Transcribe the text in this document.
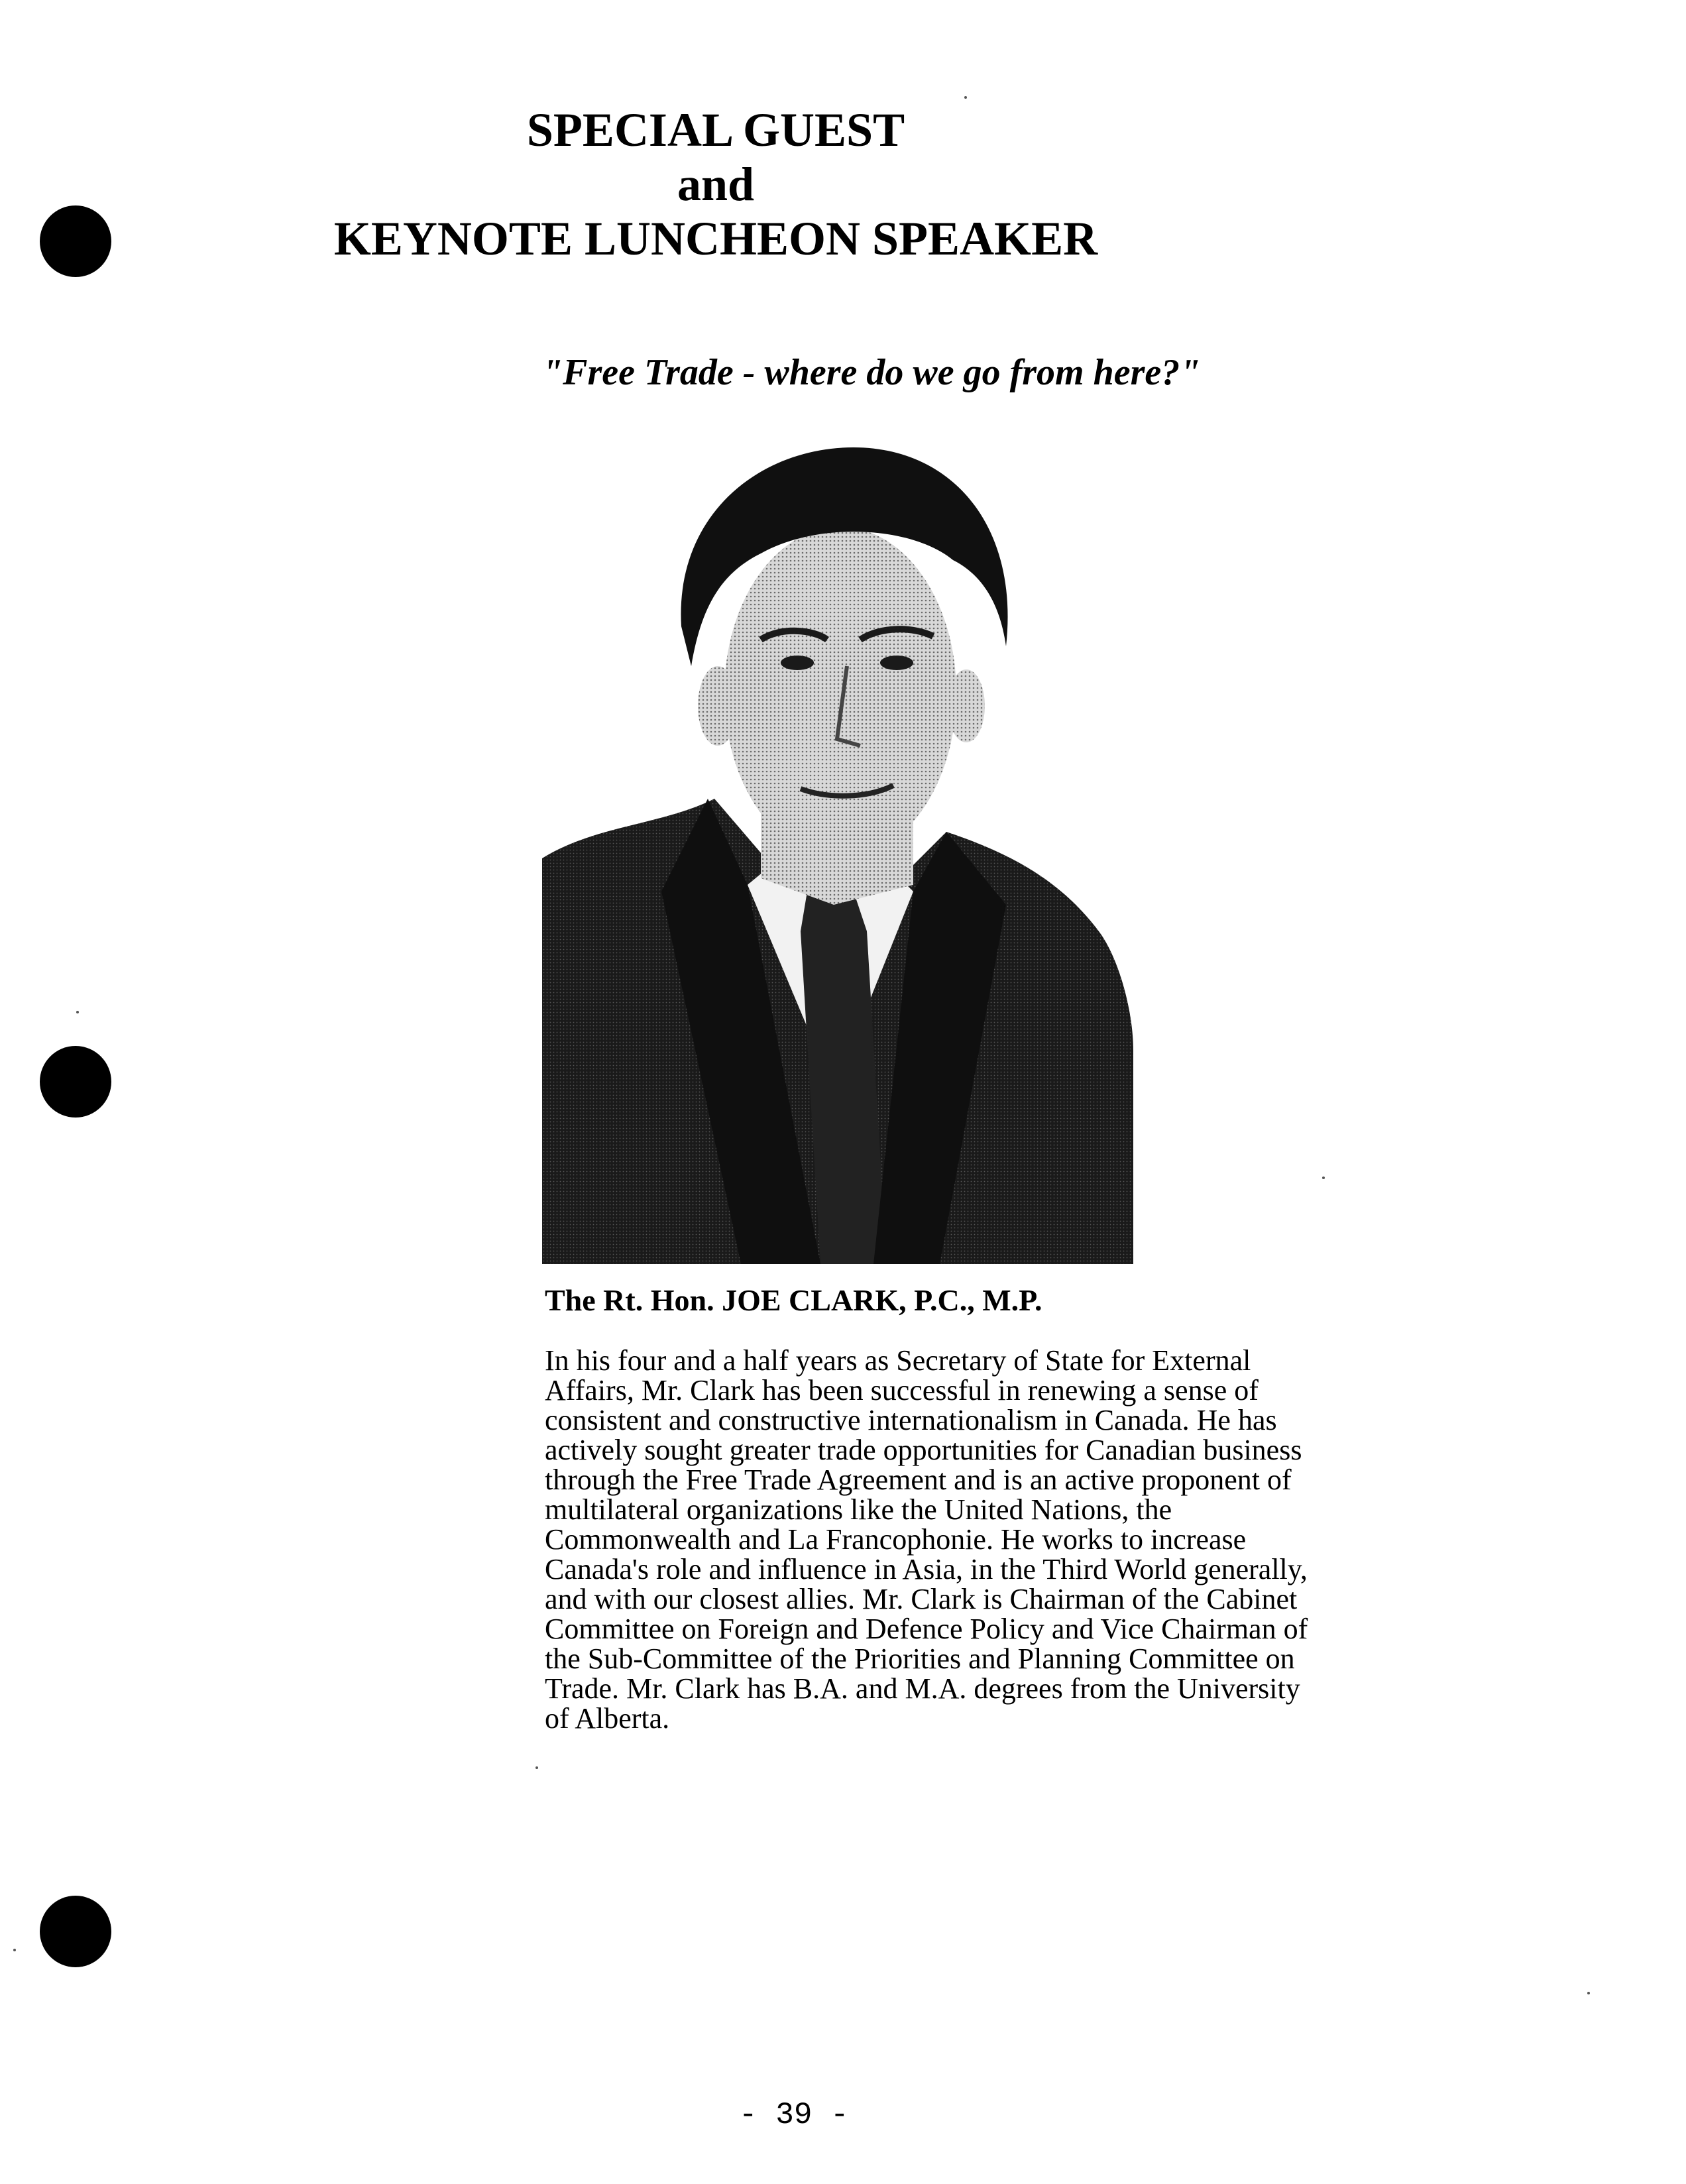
SPECIAL GUEST
and
KEYNOTE LUNCHEON SPEAKER
"Free Trade - where do we go from here?"
The Rt. Hon. JOE CLARK, P.C., M.P.
In his four and a half years as Secretary of State for External
Affairs, Mr. Clark has been successful in renewing a sense of
consistent and constructive internationalism in Canada. He has
actively sought greater trade opportunities for Canadian business
through the Free Trade Agreement and is an active proponent of
multilateral organizations like the United Nations, the
Commonwealth and La Francophonie. He works to increase
Canada's role and influence in Asia, in the Third World generally,
and with our closest allies. Mr. Clark is Chairman of the Cabinet
Committee on Foreign and Defence Policy and Vice Chairman of
the Sub-Committee of the Priorities and Planning Committee on
Trade. Mr. Clark has B.A. and M.A. degrees from the University
of Alberta.
- 39 -
